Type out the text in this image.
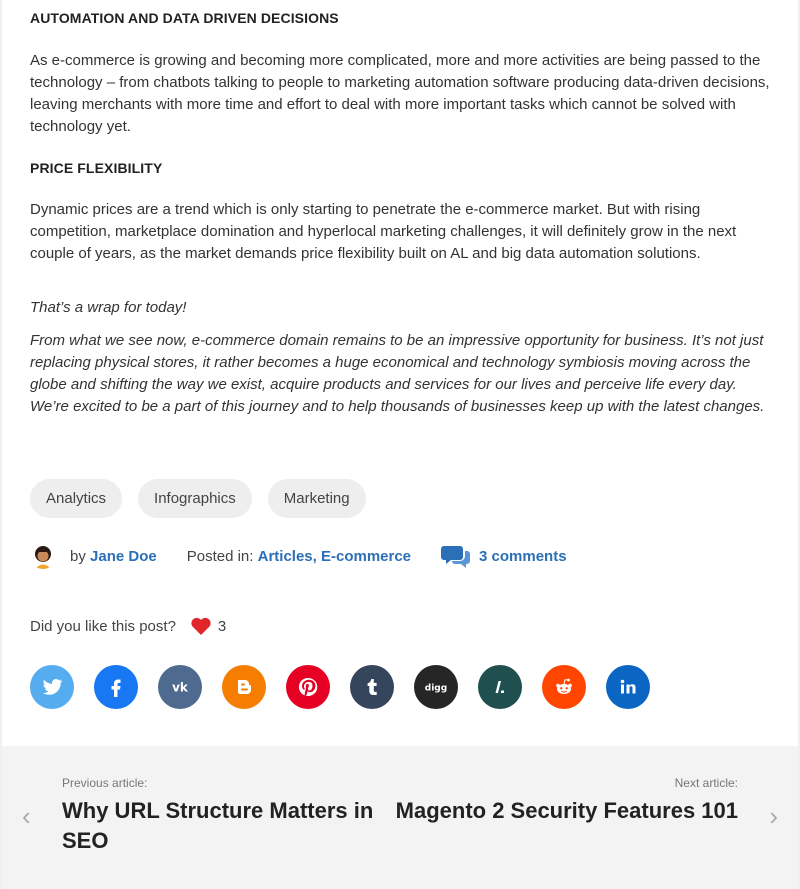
AUTOMATION AND DATA DRIVEN DECISIONS

As e-commerce is growing and becoming more complicated, more and more activities are being passed to the technology – from chatbots talking to people to marketing automation software producing data-driven decisions, leaving merchants with more time and effort to deal with more important tasks which cannot be solved with technology yet.

PRICE FLEXIBILITY

Dynamic prices are a trend which is only starting to penetrate the e-commerce market. But with rising competition, marketplace domination and hyperlocal marketing challenges, it will definitely grow in the next couple of years, as the market demands price flexibility built on AL and big data automation solutions.

That’s a wrap for today!

From what we see now, e-commerce domain remains to be an impressive opportunity for business. It’s not just replacing physical stores, it rather becomes a huge economical and technology symbiosis moving across the globe and shifting the way we exist, acquire products and services for our lives and perceive life every day. We’re excited to be a part of this journey and to help thousands of businesses keep up with the latest changes.

Analytics	Infographics	Marketing
by
Jane Doe Posted in:
Articles, E-commerce	3 comments
Did you like this post?	3
vk	digg
‹
Previous article:
Why URL Structure Matters in SEO
Next article:
Magento 2 Security Features 101	›
